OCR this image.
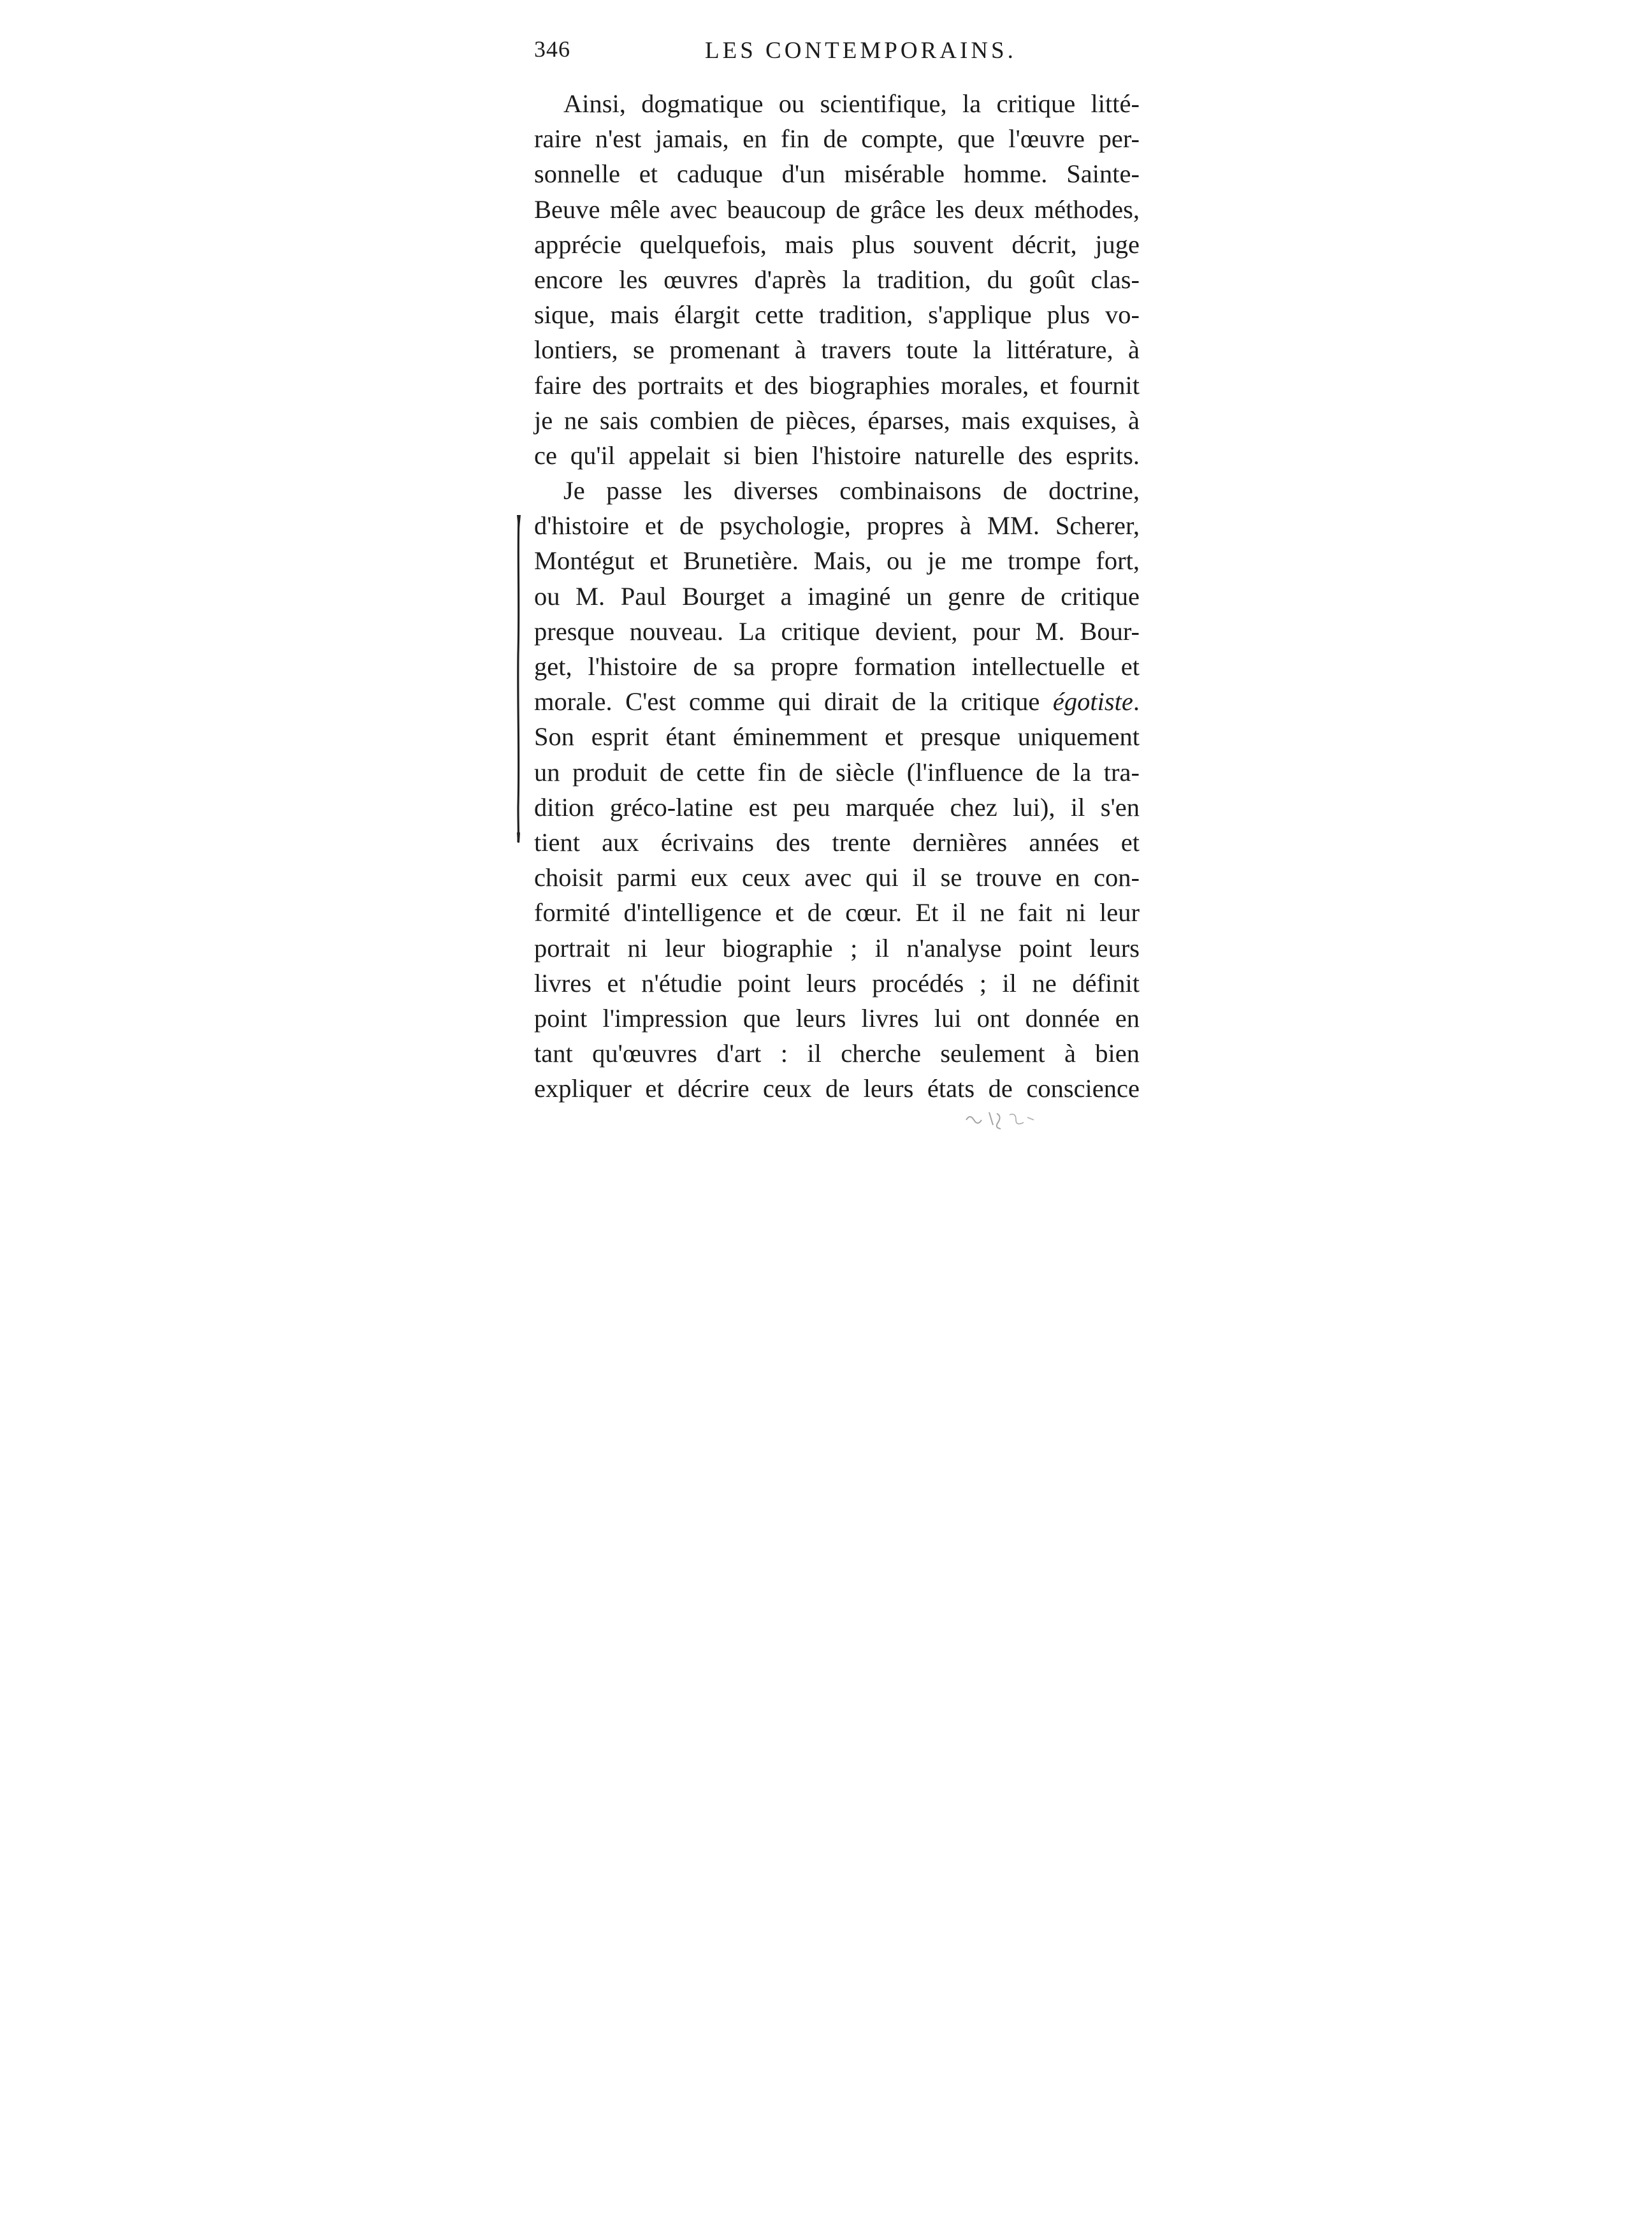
346	LES CONTEMPORAINS.
Ainsi, dogmatique ou scientifique, la critique litté-
raire n'est jamais, en fin de compte, que l'œuvre per-
sonnelle et caduque d'un misérable homme. Sainte-
Beuve mêle avec beaucoup de grâce les deux méthodes,
apprécie quelquefois, mais plus souvent décrit, juge
encore les œuvres d'après la tradition, du goût clas-
sique, mais élargit cette tradition, s'applique plus vo-
lontiers, se promenant à travers toute la littérature, à
faire des portraits et des biographies morales, et fournit
je ne sais combien de pièces, éparses, mais exquises, à
ce qu'il appelait si bien l'histoire naturelle des esprits.
Je passe les diverses combinaisons de doctrine,
d'histoire et de psychologie, propres à MM. Scherer,
Montégut et Brunetière. Mais, ou je me trompe fort,
ou M. Paul Bourget a imaginé un genre de critique
presque nouveau. La critique devient, pour M. Bour-
get, l'histoire de sa propre formation intellectuelle et
morale. C'est comme qui dirait de la critique égotiste.
Son esprit étant éminemment et presque uniquement
un produit de cette fin de siècle (l'influence de la tra-
dition gréco-latine est peu marquée chez lui), il s'en
tient aux écrivains des trente dernières années et
choisit parmi eux ceux avec qui il se trouve en con-
formité d'intelligence et de cœur. Et il ne fait ni leur
portrait ni leur biographie ; il n'analyse point leurs
livres et n'étudie point leurs procédés ; il ne définit
point l'impression que leurs livres lui ont donnée en
tant qu'œuvres d'art : il cherche seulement à bien
expliquer et décrire ceux de leurs états de conscience
